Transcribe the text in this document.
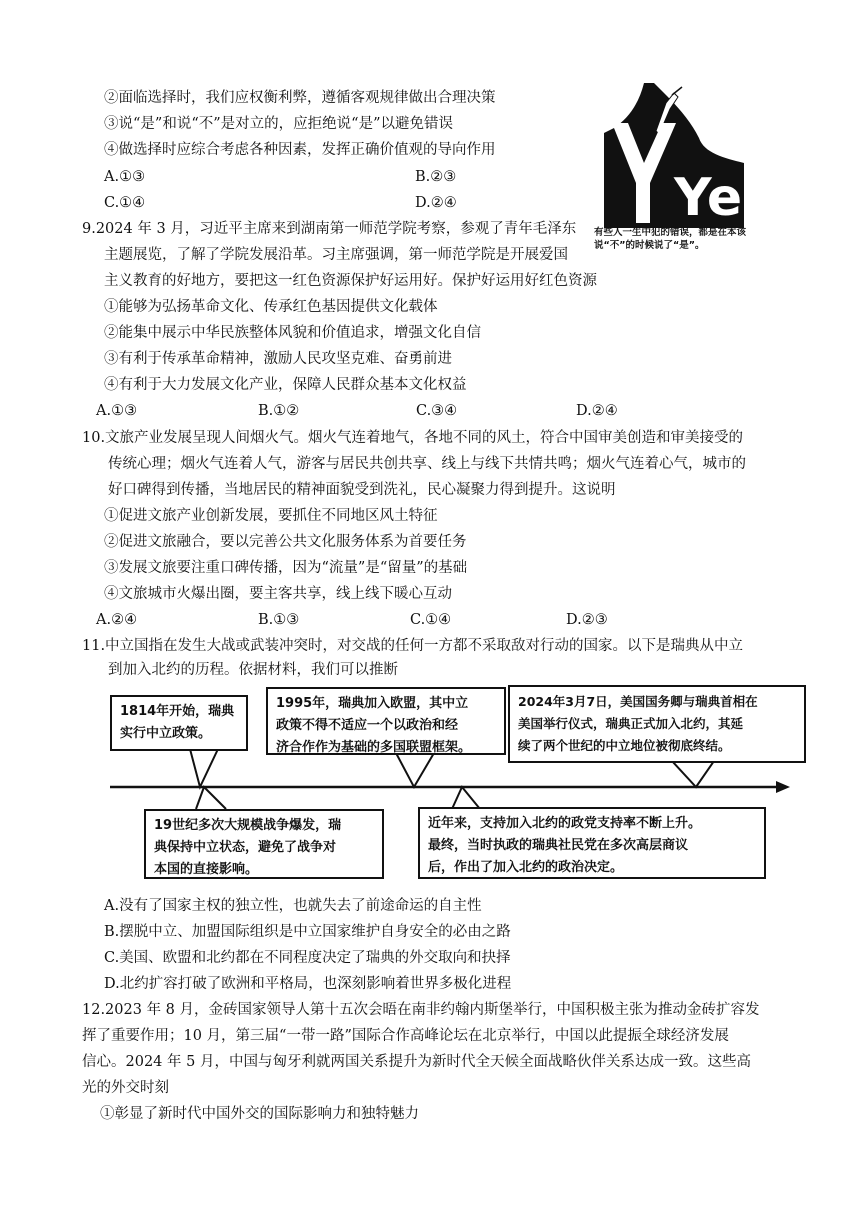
②面临选择时，我们应权衡利弊，遵循客观规律做出合理决策
③说“是”和说“不”是对立的，应拒绝说“是”以避免错误
④做选择时应综合考虑各种因素，发挥正确价值观的导向作用
A.①③	B.②③
C.①④	D.②④	Yes
有些人一生中犯的错误，都是在本该说“不”的时候说了“是”。
9.2024 年 3 月，习近平主席来到湖南第一师范学院考察，参观了青年毛泽东
主题展览，了解了学院发展沿革。习主席强调，第一师范学院是开展爱国
主义教育的好地方，要把这一红色资源保护好运用好。保护好运用好红色资源
①能够为弘扬革命文化、传承红色基因提供文化载体
②能集中展示中华民族整体风貌和价值追求，增强文化自信
③有利于传承革命精神，激励人民攻坚克难、奋勇前进
④有利于大力发展文化产业，保障人民群众基本文化权益
A.①③	B.①②	C.③④	D.②④
10.文旅产业发展呈现人间烟火气。烟火气连着地气，各地不同的风土，符合中国审美创造和审美接受的
传统心理；烟火气连着人气，游客与居民共创共享、线上与线下共情共鸣；烟火气连着心气，城市的
好口碑得到传播，当地居民的精神面貌受到洗礼，民心凝聚力得到提升。这说明
①促进文旅产业创新发展，要抓住不同地区风土特征
②促进文旅融合，要以完善公共文化服务体系为首要任务
③发展文旅要注重口碑传播，因为“流量”是“留量”的基础
④文旅城市火爆出圈，要主客共享，线上线下暖心互动
A.②④	B.①③	C.①④	D.②③
11.中立国指在发生大战或武装冲突时，对交战的任何一方都不采取敌对行动的国家。以下是瑞典从中立
到加入北约的历程。依据材料，我们可以推断
1814年开始，瑞典
实行中立政策。
1995年，瑞典加入欧盟，其中立
政策不得不适应一个以政治和经
济合作作为基础的多国联盟框架。
2024年3月7日，美国国务卿与瑞典首相在
美国举行仪式，瑞典正式加入北约，其延
续了两个世纪的中立地位被彻底终结。
19世纪多次大规模战争爆发，瑞
典保持中立状态，避免了战争对
本国的直接影响。
近年来，支持加入北约的政党支持率不断上升。
最终，当时执政的瑞典社民党在多次高层商议
后，作出了加入北约的政治决定。
A.没有了国家主权的独立性，也就失去了前途命运的自主性
B.摆脱中立、加盟国际组织是中立国家维护自身安全的必由之路
C.美国、欧盟和北约都在不同程度决定了瑞典的外交取向和抉择
D.北约扩容打破了欧洲和平格局，也深刻影响着世界多极化进程
12.2023 年 8 月，金砖国家领导人第十五次会晤在南非约翰内斯堡举行，中国积极主张为推动金砖扩容发
挥了重要作用；10 月，第三届“一带一路”国际合作高峰论坛在北京举行，中国以此提振全球经济发展
信心。2024 年 5 月，中国与匈牙利就两国关系提升为新时代全天候全面战略伙伴关系达成一致。这些高
光的外交时刻
①彰显了新时代中国外交的国际影响力和独特魅力
